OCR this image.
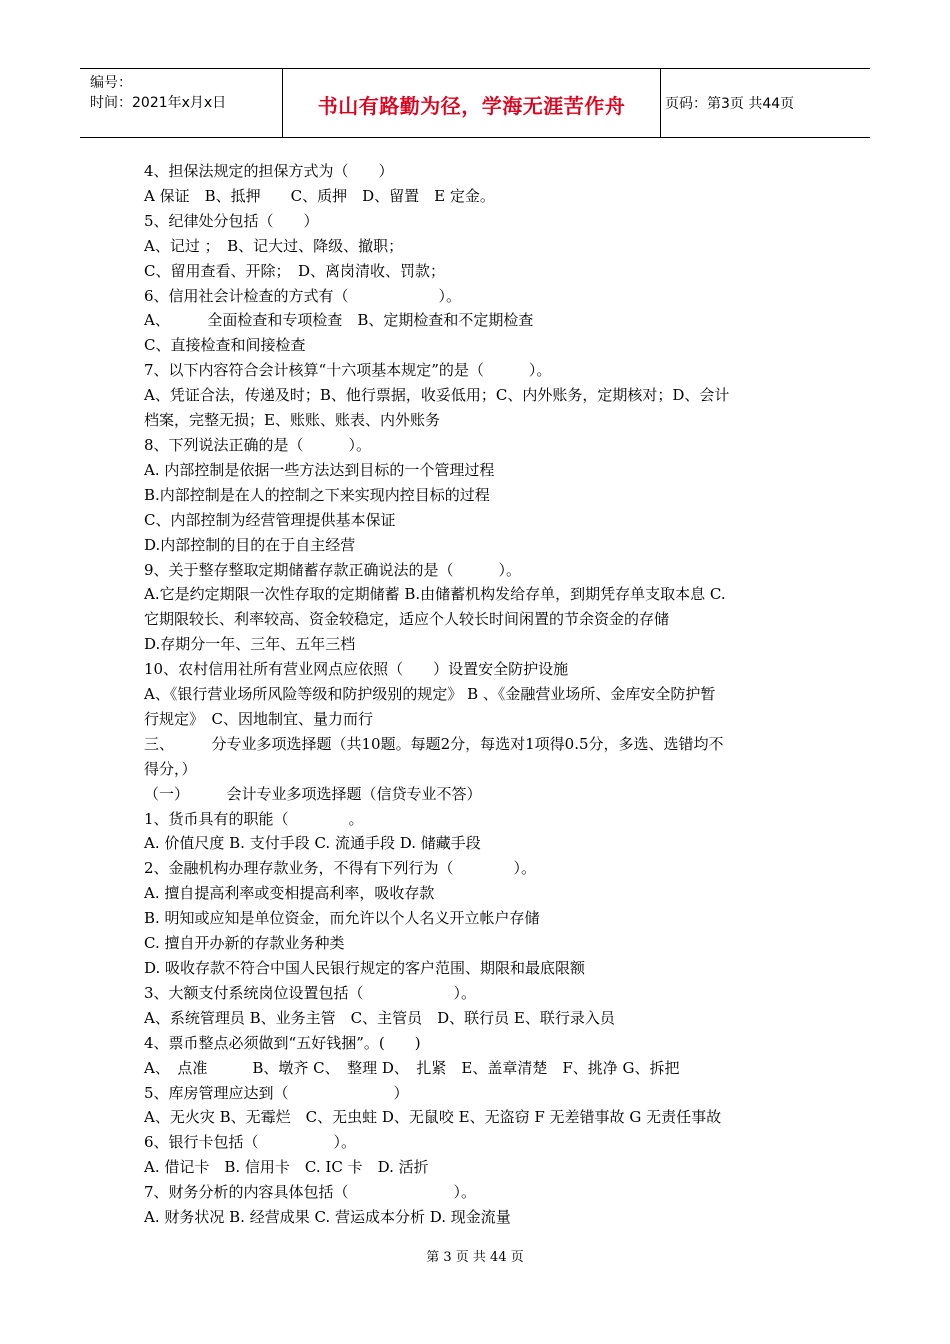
编号：
时间：2021年x月x日	书山有路勤为径，学海无涯苦作舟	页码：第3页 共44页
4、担保法规定的担保方式为（　　）
A 保证　B、抵押　　C、质押　D、留置　E 定金。
5、纪律处分包括（　　）
A、记过 ；　B、记大过、降级、撤职；
C、留用查看、开除；　D、离岗清收、罚款；
6、信用社会计检查的方式有（　　　　　　）。
A、　　　全面检查和专项检查　B、定期检查和不定期检查
C、直接检查和间接检查
7、以下内容符合会计核算“十六项基本规定”的是（　　　）。
A、凭证合法，传递及时；B、他行票据，收妥低用；C、内外账务，定期核对；D、会计
档案，完整无损；E、账账、账表、内外账务
8、下列说法正确的是（　　　）。
A. 内部控制是依据一些方法达到目标的一个管理过程
B.内部控制是在人的控制之下来实现内控目标的过程
C、内部控制为经营管理提供基本保证
D.内部控制的目的在于自主经营
9、关于整存整取定期储蓄存款正确说法的是（　　　）。
A.它是约定期限一次性存取的定期储蓄 B.由储蓄机构发给存单，到期凭存单支取本息 C.
它期限较长、利率较高、资金较稳定，适应个人较长时间闲置的节余资金的存储
D.存期分一年、三年、五年三档
10、农村信用社所有营业网点应依照（　　）设置安全防护设施
A、《银行营业场所风险等级和防护级别的规定》 B 、《金融营业场所、金库安全防护暂
行规定》　C、因地制宜、量力而行
三、　　　分专业多项选择题（共10题。每题2分，每选对1项得0.5分，多选、选错均不
得分，）
（一）　　　会计专业多项选择题（信贷专业不答）
1、货币具有的职能（　　　　。
A. 价值尺度 B. 支付手段 C. 流通手段 D. 储藏手段
2、金融机构办理存款业务，不得有下列行为（　　　　）。
A. 擅自提高利率或变相提高利率，吸收存款
B. 明知或应知是单位资金，而允许以个人名义开立帐户存储
C. 擅自开办新的存款业务种类
D. 吸收存款不符合中国人民银行规定的客户范围、期限和最底限额
3、大额支付系统岗位设置包括（　　　　　　）。
A、系统管理员 B、业务主管　C、主管员　D、联行员 E、联行录入员
4、票币整点必须做到“五好钱捆”。(　　)
A、　点准　　　B、墩齐 C、　整理 D、　扎紧　E、盖章清楚　F、挑净 G、拆把
5、库房管理应达到（　　　　　　　）
A、无火灾 B、无霉烂　C、无虫蛀 D、无鼠咬 E、无盗窃 F 无差错事故 G 无责任事故
6、银行卡包括（　　　　　）。
A. 借记卡　B. 信用卡　C. IC 卡　D. 活折
7、财务分析的内容具体包括（　　　　　　　）。
A. 财务状况 B. 经营成果 C. 营运成本分析 D. 现金流量
第 3 页 共 44 页
